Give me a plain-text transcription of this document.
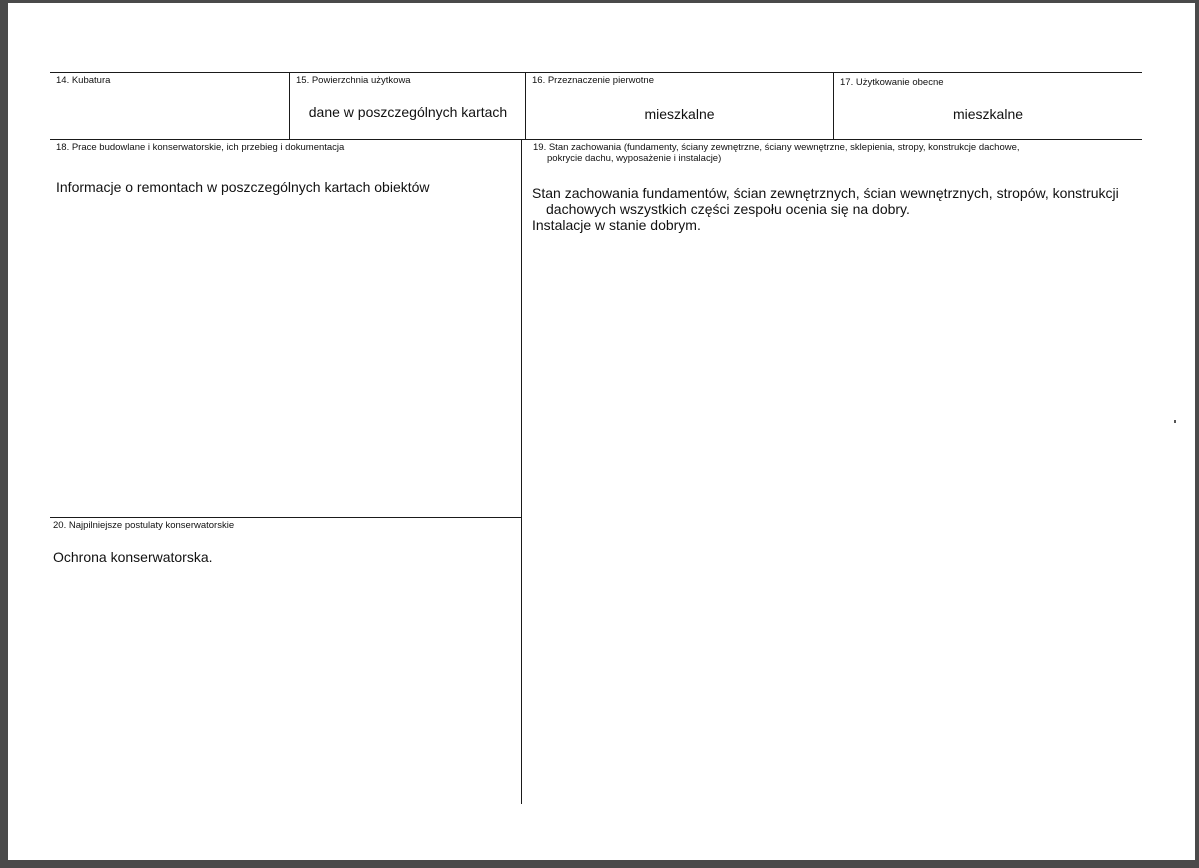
14. Kubatura	15. Powierzchnia użytkowa
dane w poszczególnych kartach
16. Przeznaczenie pierwotne
mieszkalne
17. Użytkowanie obecne
mieszkalne
18. Prace budowlane i konserwatorskie, ich przebieg i dokumentacja
Informacje o remontach w poszczególnych kartach obiektów
19. Stan zachowania (fundamenty, ściany zewnętrzne, ściany wewnętrzne, sklepienia, stropy, konstrukcje dachowe,
pokrycie dachu, wyposażenie i instalacje)

Stan zachowania fundamentów, ścian zewnętrznych, ścian wewnętrznych, stropów, konstrukcji dachowych wszystkich części zespołu ocenia się na dobry.

Instalacje w stanie dobrym.

20. Najpilniejsze postulaty konserwatorskie
Ochrona konserwatorska.
